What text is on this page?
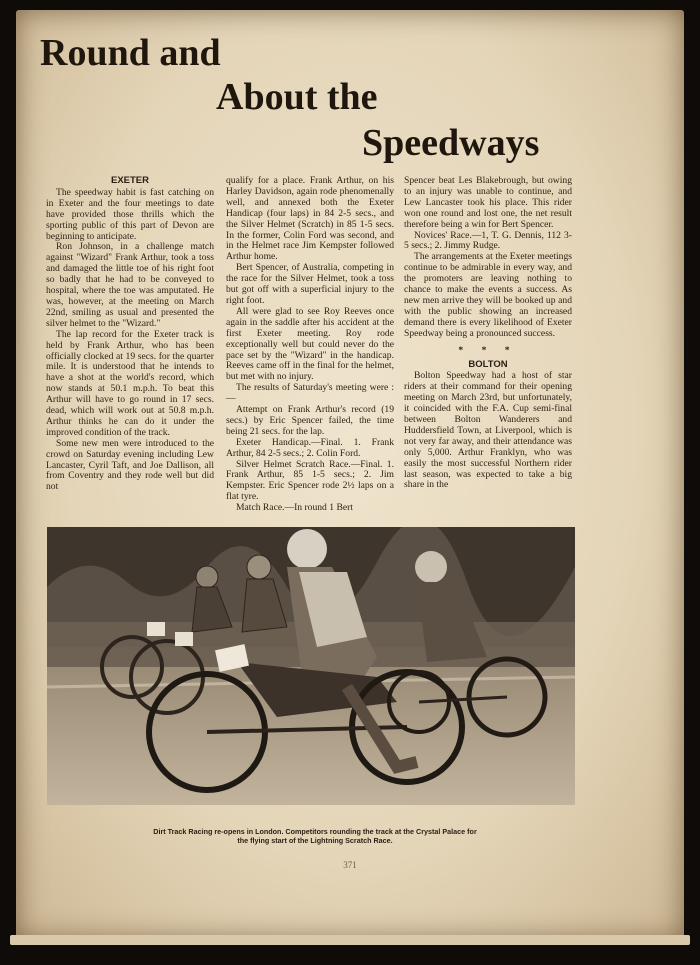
Round and
About the
Speedways

EXETER

The speedway habit is fast catching on in Exeter and the four meetings to date have provided those thrills which the sporting public of this part of Devon are beginning to anticipate.

Ron Johnson, in a challenge match against "Wizard" Frank Arthur, took a toss and damaged the little toe of his right foot so badly that he had to be conveyed to hospital, where the toe was amputated. He was, however, at the meeting on March 22nd, smiling as usual and presented the silver helmet to the "Wizard."

The lap record for the Exeter track is held by Frank Arthur, who has been officially clocked at 19 secs. for the quarter mile. It is understood that he intends to have a shot at the world's record, which now stands at 50.1 m.p.h. To beat this Arthur will have to go round in 17 secs. dead, which will work out at 50.8 m.p.h. Arthur thinks he can do it under the improved condition of the track.

Some new men were introduced to the crowd on Saturday evening including Lew Lancaster, Cyril Taft, and Joe Dallison, all from Coventry and they rode well but did not

qualify for a place. Frank Arthur, on his Harley Davidson, again rode phenomenally well, and annexed both the Exeter Handicap (four laps) in 84 2-5 secs., and the Silver Helmet (Scratch) in 85 1-5 secs. In the former, Colin Ford was second, and in the Helmet race Jim Kempster followed Arthur home.

Bert Spencer, of Australia, competing in the race for the Silver Helmet, took a toss but got off with a superficial injury to the right foot.

All were glad to see Roy Reeves once again in the saddle after his accident at the first Exeter meeting. Roy rode exceptionally well but could never do the pace set by the "Wizard" in the handicap. Reeves came off in the final for the helmet, but met with no injury.

The results of Saturday's meeting were :—

Attempt on Frank Arthur's record (19 secs.) by Eric Spencer failed, the time being 21 secs. for the lap.

Exeter Handicap.—Final. 1. Frank Arthur, 84 2-5 secs.; 2. Colin Ford.

Silver Helmet Scratch Race.—Final. 1. Frank Arthur, 85 1-5 secs.; 2. Jim Kempster. Eric Spencer rode 2½ laps on a flat tyre.

Match Race.—In round 1 Bert

Spencer beat Les Blakebrough, but owing to an injury was unable to continue, and Lew Lancaster took his place. This rider won one round and lost one, the net result therefore being a win for Bert Spencer.

Novices' Race.—1, T. G. Dennis, 112 3-5 secs.; 2. Jimmy Rudge.

The arrangements at the Exeter meetings continue to be admirable in every way, and the promoters are leaving nothing to chance to make the events a success. As new men arrive they will be booked up and with the public showing an increased demand there is every likelihood of Exeter Speedway being a pronounced success.

* * *

BOLTON

Bolton Speedway had a host of star riders at their command for their opening meeting on March 23rd, but unfortunately, it coincided with the F.A. Cup semi-final between Bolton Wanderers and Huddersfield Town, at Liverpool, which is not very far away, and their attendance was only 5,000. Arthur Franklyn, who was easily the most successful Northern rider last season, was expected to take a big share in the

Dirt Track Racing re-opens in London. Competitors rounding the track at the Crystal Palace for the flying start of the Lightning Scratch Race.
371
